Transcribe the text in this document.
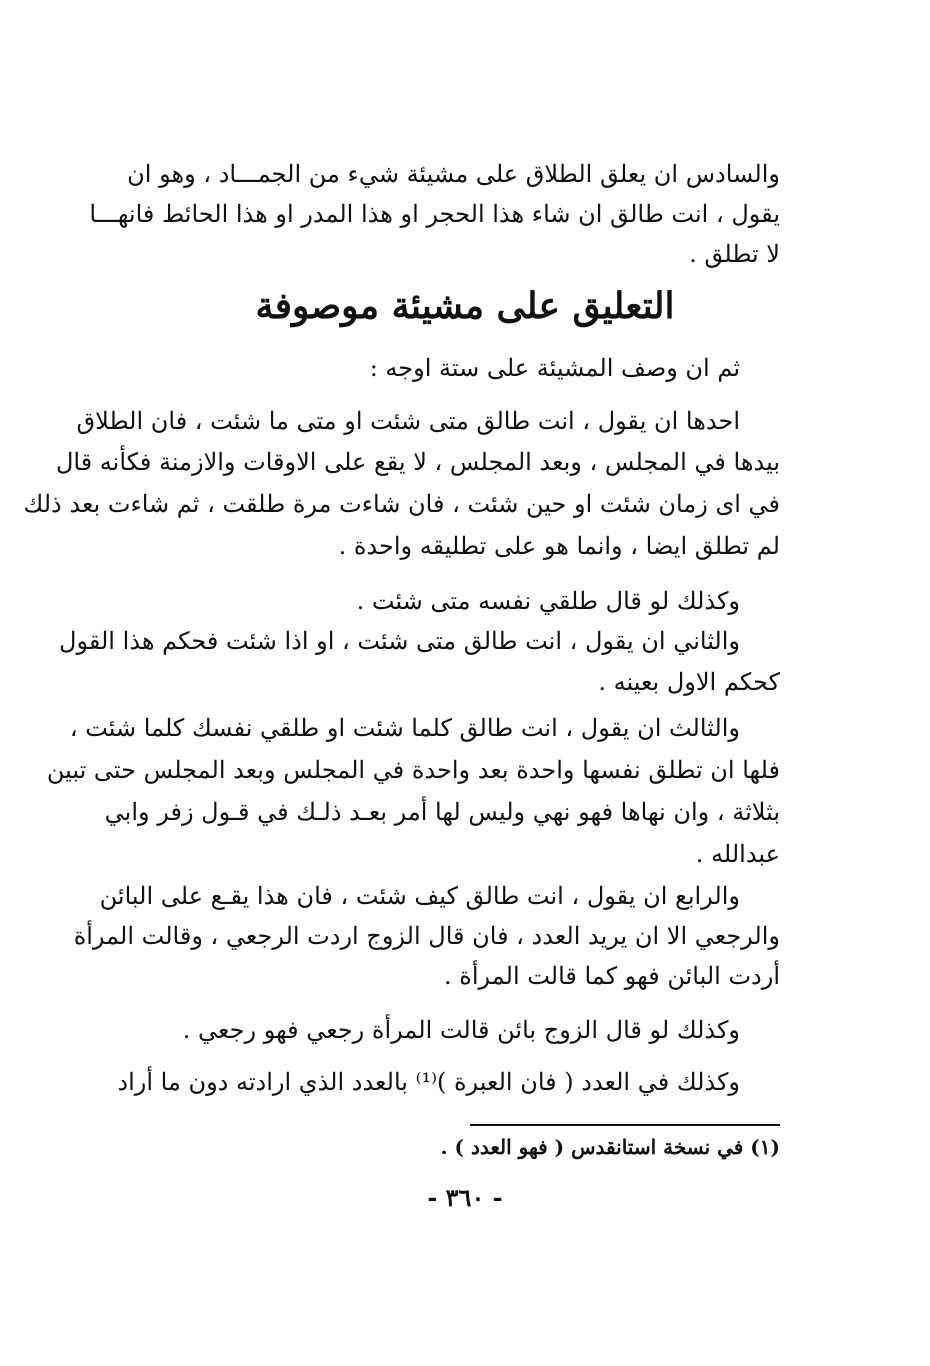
والسادس ان يعلق الطلاق على مشيئة شيء من الجمـــاد ، وهو ان
يقول ، انت طالق ان شاء هذا الحجر او هذا المدر او هذا الحائط فانهـــا
لا تطلق .
التعليق على مشيئة موصوفة
ثم ان وصف المشيئة على ستة اوجه :
احدها ان يقول ، انت طالق متى شئت او متى ما شئت ، فان الطلاق
بيدها في المجلس ، وبعد المجلس ، لا يقع على الاوقات والازمنة فكأنه قال
في اى زمان شئت او حين شئت ، فان شاءت مرة طلقت ، ثم شاءت بعد ذلك
لم تطلق ايضا ، وانما هو على تطليقه واحدة .
وكذلك لو قال طلقي نفسه متى شئت .
والثاني ان يقول ، انت طالق متى شئت ، او اذا شئت فحكم هذا القول
كحكم الاول بعينه .
والثالث ان يقول ، انت طالق كلما شئت او طلقي نفسك كلما شئت ،
فلها ان تطلق نفسها واحدة بعد واحدة في المجلس وبعد المجلس حتى تبين
بثلاثة ، وان نهاها فهو نهي وليس لها أمر بعـد ذلـك في قـول زفر وابي
عبدالله .
والرابع ان يقول ، انت طالق كيف شئت ، فان هذا يقـع على البائن
والرجعي الا ان يريد العدد ، فان قال الزوج اردت الرجعي ، وقالت المرأة
أردت البائن فهو كما قالت المرأة .
وكذلك لو قال الزوج بائن قالت المرأة رجعي فهو رجعي .
وكذلك في العدد ( فان العبرة )⁽¹⁾ بالعدد الذي ارادته دون ما أراد
(١) في نسخة استانقدس ( فهو العدد ) .
- ٣٦٠ -
